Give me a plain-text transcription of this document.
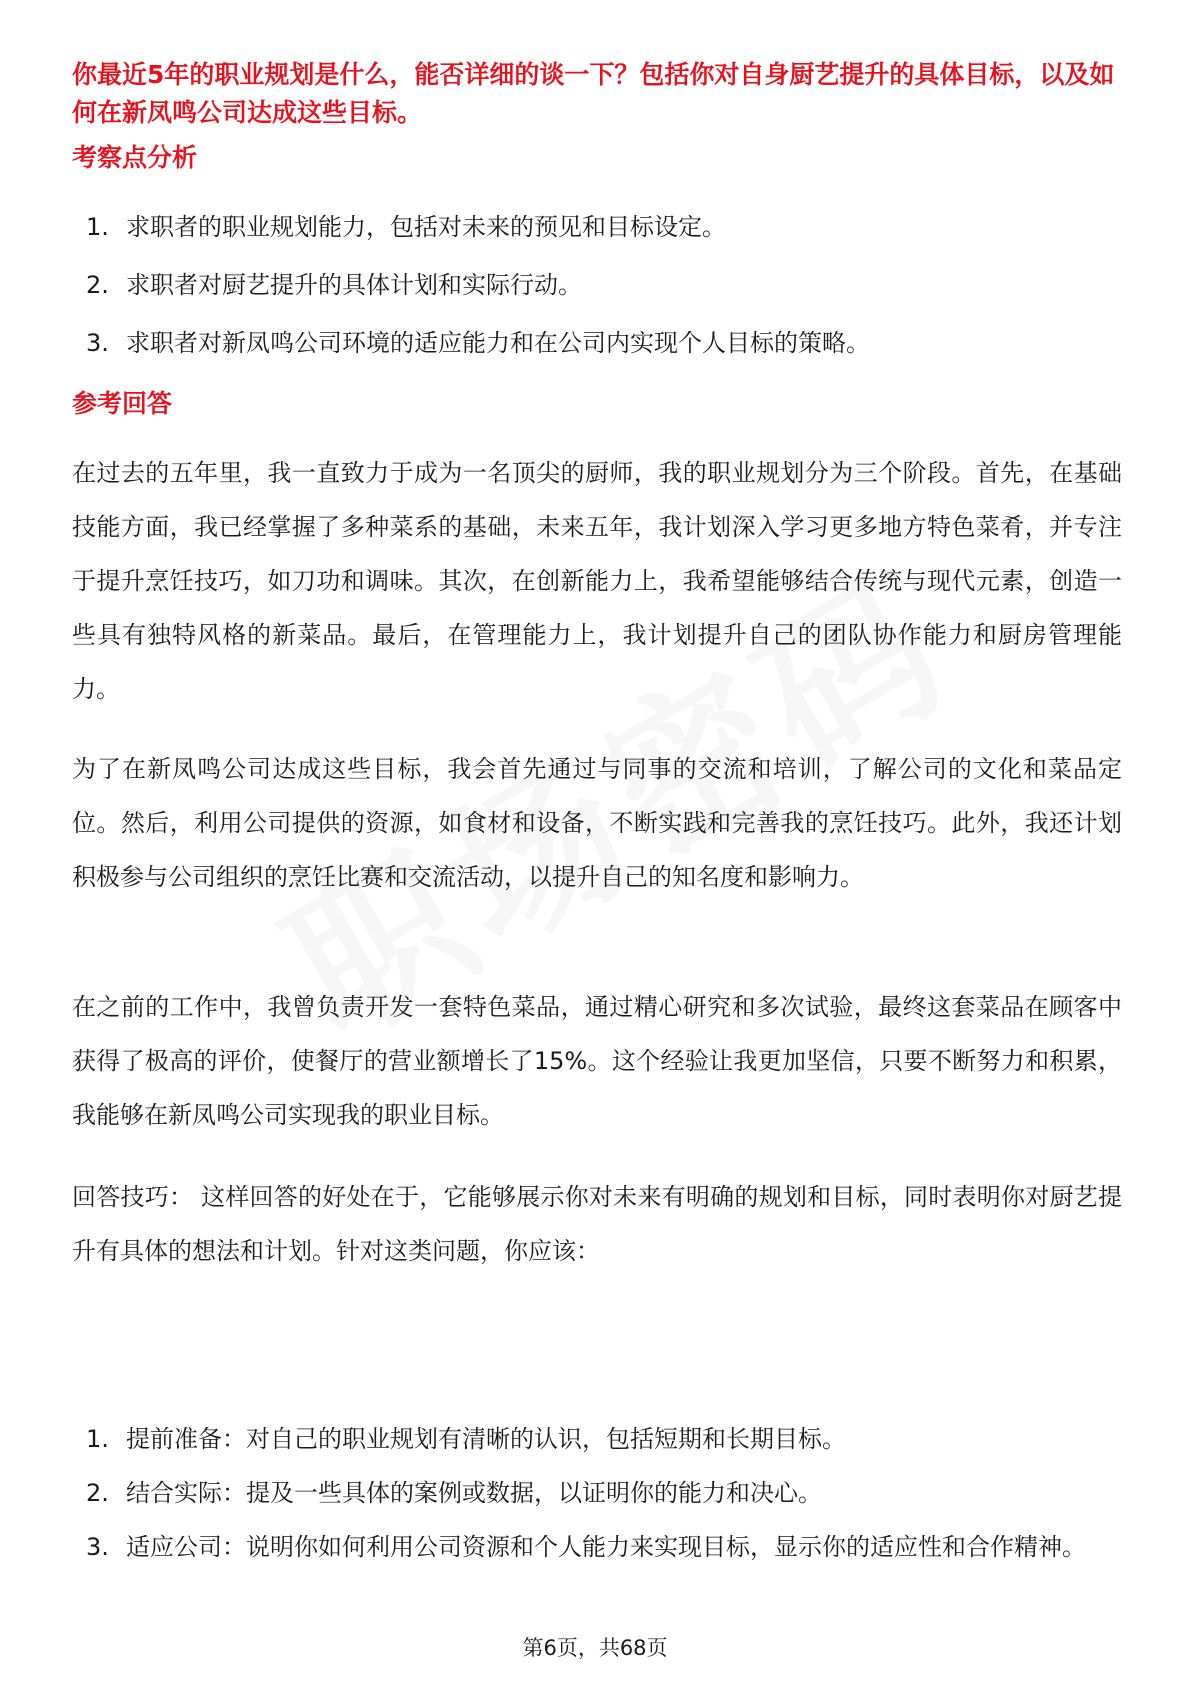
你最近5年的职业规划是什么，能否详细的谈一下？包括你对自身厨艺提升的具体目标，以及如何在新凤鸣公司达成这些目标。

考察点分析
1. 求职者的职业规划能力，包括对未来的预见和目标设定。
2. 求职者对厨艺提升的具体计划和实际行动。
3. 求职者对新凤鸣公司环境的适应能力和在公司内实现个人目标的策略。
参考回答

在过去的五年里，我一直致力于成为一名顶尖的厨师，我的职业规划分为三个阶段。首先，在基础技能方面，我已经掌握了多种菜系的基础，未来五年，我计划深入学习更多地方特色菜肴，并专注于提升烹饪技巧，如刀功和调味。其次，在创新能力上，我希望能够结合传统与现代元素，创造一些具有独特风格的新菜品。最后，在管理能力上，我计划提升自己的团队协作能力和厨房管理能力。

为了在新凤鸣公司达成这些目标，我会首先通过与同事的交流和培训，了解公司的文化和菜品定位。然后，利用公司提供的资源，如食材和设备，不断实践和完善我的烹饪技巧。此外，我还计划积极参与公司组织的烹饪比赛和交流活动，以提升自己的知名度和影响力。

在之前的工作中，我曾负责开发一套特色菜品，通过精心研究和多次试验，最终这套菜品在顾客中获得了极高的评价，使餐厅的营业额增长了15%。这个经验让我更加坚信，只要不断努力和积累，我能够在新凤鸣公司实现我的职业目标。

回答技巧： 这样回答的好处在于，它能够展示你对未来有明确的规划和目标，同时表明你对厨艺提升有具体的想法和计划。针对这类问题，你应该：

1. 提前准备：对自己的职业规划有清晰的认识，包括短期和长期目标。
2. 结合实际：提及一些具体的案例或数据，以证明你的能力和决心。
3. 适应公司：说明你如何利用公司资源和个人能力来实现目标，显示你的适应性和合作精神。
第6页，共68页
